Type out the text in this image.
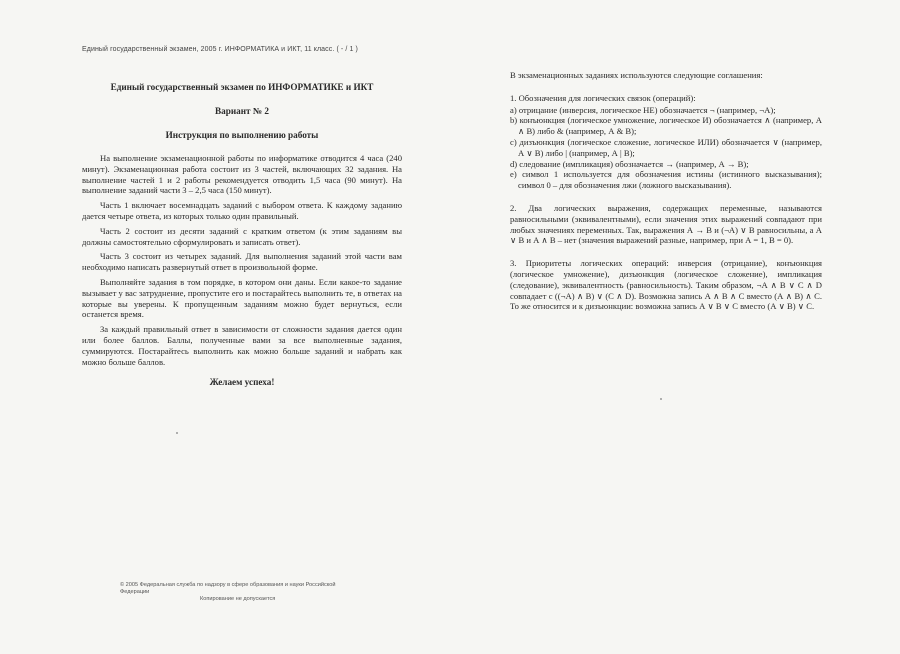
Единый государственный экзамен, 2005 г. ИНФОРМАТИКА и ИКТ, 11 класс. ( - / 1 )

Единый государственный экзамен по ИНФОРМАТИКЕ и ИКТ

Вариант № 2

Инструкция по выполнению работы

На выполнение экзаменационной работы по информатике отводится 4 часа (240 минут). Экзаменационная работа состоит из 3 частей, включающих 32 задания. На выполнение частей 1 и 2 работы рекомендуется отводить 1,5 часа (90 минут). На выполнение заданий части 3 – 2,5 часа (150 минут).

Часть 1 включает восемнадцать заданий с выбором ответа. К каждому заданию дается четыре ответа, из которых только один правильный.

Часть 2 состоит из десяти заданий с кратким ответом (к этим заданиям вы должны самостоятельно сформулировать и записать ответ).

Часть 3 состоит из четырех заданий. Для выполнения заданий этой части вам необходимо написать развернутый ответ в произвольной форме.

Выполняйте задания в том порядке, в котором они даны. Если какое-то задание вызывает у вас затруднение, пропустите его и постарайтесь выполнить те, в ответах на которые вы уверены. К пропущенным заданиям можно будет вернуться, если останется время.

За каждый правильный ответ в зависимости от сложности задания дается один или более баллов. Баллы, полученные вами за все выполненные задания, суммируются. Постарайтесь выполнить как можно больше заданий и набрать как можно больше баллов.

Желаем успеха!

В экзаменационных заданиях используются следующие соглашения:

1. Обозначения для логических связок (операций):

a) отрицание (инверсия, логическое НЕ) обозначается ¬ (например, ¬А);

b) конъюнкция (логическое умножение, логическое И) обозначается ∧ (например, А ∧ В) либо & (например, А & В);

c) дизъюнкция (логическое сложение, логическое ИЛИ) обозначается ∨ (например, А ∨ В) либо | (например, А | В);

d) следование (импликация) обозначается → (например, А → В);

e) символ 1 используется для обозначения истины (истинного высказывания); символ 0 – для обозначения лжи (ложного высказывания).

2. Два логических выражения, содержащих переменные, называются равносильными (эквивалентными), если значения этих выражений совпадают при любых значениях переменных. Так, выражения А → В и (¬А) ∨ В равносильны, а А ∨ В и А ∧ В – нет (значения выражений разные, например, при А = 1, В = 0).

3. Приоритеты логических операций: инверсия (отрицание), конъюнкция (логическое умножение), дизъюнкция (логическое сложение), импликация (следование), эквивалентность (равносильность). Таким образом, ¬А ∧ В ∨ С ∧ D совпадает с ((¬А) ∧ В) ∨ (С ∧ D). Возможна запись А ∧ В ∧ С вместо (А ∧ В) ∧ С. То же относится и к дизъюнкции: возможна запись А ∨ В ∨ С вместо (А ∨ В) ∨ С.

© 2005 Федеральная служба по надзору в сфере образования и науки Российской Федерации
Копирование не допускается
